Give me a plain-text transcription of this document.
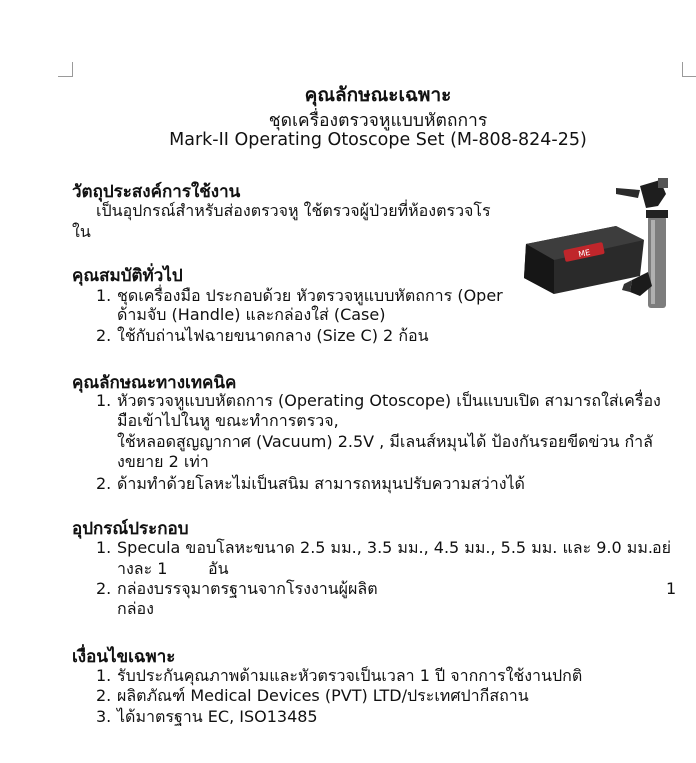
คุณลักษณะเฉพาะ
ชุดเครื่องตรวจหูแบบหัตถการ
Mark-II Operating Otoscope Set (M-808-824-25)
วัตถุประสงค์การใช้งาน
เป็นอุปกรณ์สำหรับส่องตรวจหู ใช้ตรวจผู้ป่วยที่ห้องตรวจโร
ใน
คุณสมบัติทั่วไป
1. ชุดเครื่องมือ ประกอบด้วย หัวตรวจหูแบบหัตถการ (Oper
ด้ามจับ (Handle) และกล่องใส่ (Case)
2. ใช้กับถ่านไฟฉายขนาดกลาง (Size C) 2 ก้อน
ME
คุณลักษณะทางเทคนิค
1. หัวตรวจหูแบบหัตถการ (Operating Otoscope) เป็นแบบเปิด สามารถใส่เครื่อง
มือเข้าไปในหู ขณะทำการตรวจ,
ใช้หลอดสูญญากาศ (Vacuum) 2.5V , มีเลนส์หมุนได้ ป้องกันรอยขีดข่วน กำลั
งขยาย 2 เท่า
2. ด้ามทำด้วยโลหะไม่เป็นสนิม สามารถหมุนปรับความสว่างได้
อุปกรณ์ประกอบ
1. Specula ขอบโลหะขนาด 2.5 มม., 3.5 มม., 4.5 มม., 5.5 มม. และ 9.0 มม. อย่
างละ 1	อัน
2. กล่องบรรจุมาตรฐานจากโรงงานผู้ผลิต	1
กล่อง
เงื่อนไขเฉพาะ
1. รับประกันคุณภาพด้ามและหัวตรวจเป็นเวลา 1 ปี จากการใช้งานปกติ
2. ผลิตภัณฑ์ Medical Devices (PVT) LTD/ประเทศปากีสถาน
3. ได้มาตรฐาน EC, ISO13485
